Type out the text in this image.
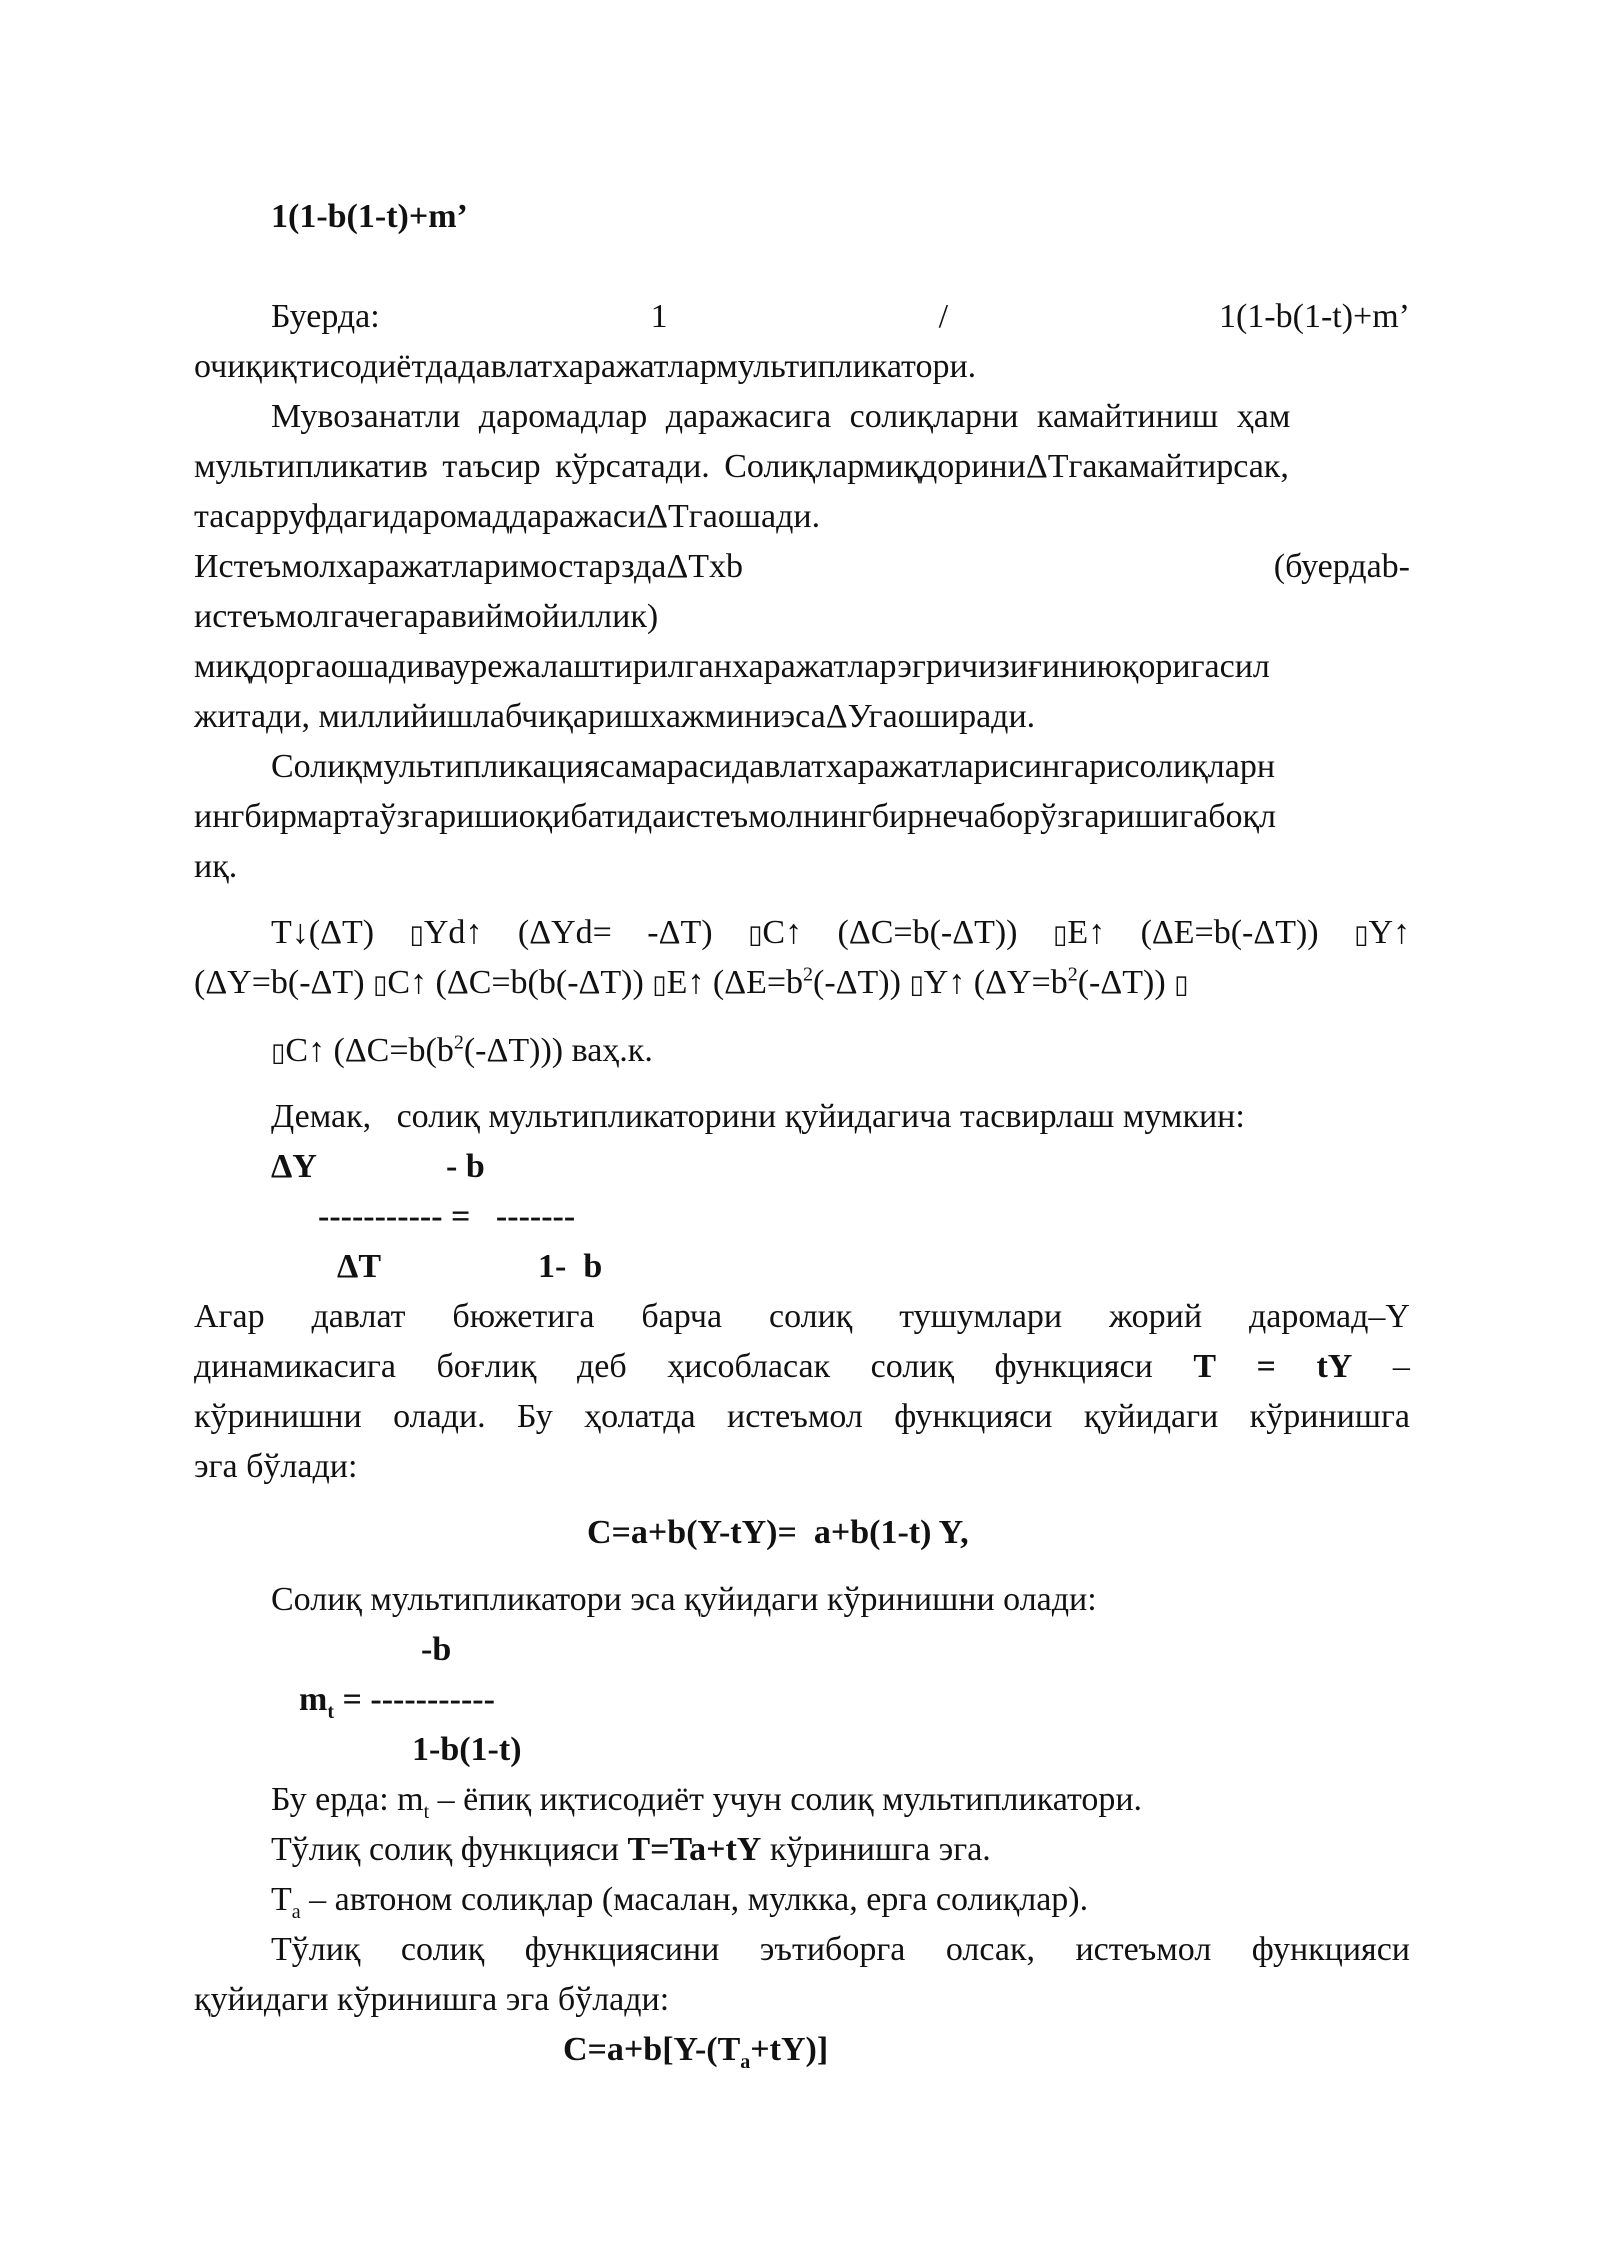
1(1-b(1-t)+m’
Буерда:	1	/	1(1-b(1-t)+m’
очиқиқтисодиётдадавлатхаражатлармультипликатори.
Мувозанатли даромадлар даражасига солиқларни камайтиниш ҳам
мультипликатив таъсир кўрсатади. СолиқлармиқдориниΔТгакамайтирсак,
тасарруфдагидаромаддаражасиΔТгаошади.
ИстеъмолхаражатларимостарздаΔТxb	(буердаb-
истеъмолгачегаравиймойиллик)
миқдоргаошадиваурежалаштирилганхаражатларэгричизиғиниюқоригасил
житади, миллийишлабчиқаришхажминиэсаΔУгаоширади.
Солиқмультипликациясамарасидавлатхаражатларисингарисолиқларн
ингбирмартаўзгаришиоқибатидаистеъмолнингбирнечаборўзгаришигабоқл
иқ.
T↓(ΔT) ▯Yd↑ (ΔYd= -ΔT) ▯C↑ (ΔC=b(-ΔT)) ▯E↑ (ΔE=b(-ΔT)) ▯Y↑
(ΔY=b(-ΔT) ▯C↑ (ΔC=b(b(-ΔT)) ▯E↑ $(\Delta E=b^2(-\Delta T))$ ▯Y↑ $(\Delta Y=b^2(-\Delta T))$ ▯
▯C↑ $(\Delta C=b(b^2(-\Delta T)))$ ваҳ.к.
Демак,   солиқ мультипликаторини қуйидагича тасвирлаш мумкин:
ΔY	- b
----------- =   -------
ΔT	1-  b
Агар давлат бюжетига барча солиқ тушумлари жорий даромад–Y
динамикасига боғлиқ деб ҳисобласак солиқ функцияси T = tY –
кўринишни олади. Бу ҳолатда истеъмол функцияси қуйидаги кўринишга
эга бўлади:
C=a+b(Y-tY)=  a+b(1-t) Y,
Солиқ мультипликатори эса қуйидаги кўринишни олади:
-b
$m_t$ = -----------
1-b(1-t)
Бу ерда: $m_t$ – ёпиқ иқтисодиёт учун солиқ мультипликатори.
Тўлиқ солиқ функцияси T=Ta+tY кўринишга эга.
$T_a$ – автоном солиқлар (масалан, мулкка, ерга солиқлар).
Тўлиқ солиқ функциясини эътиборга олсак, истеъмол функцияси
қуйидаги кўринишга эга бўлади:
$C=a+b[Y-(T_a+tY)]$
